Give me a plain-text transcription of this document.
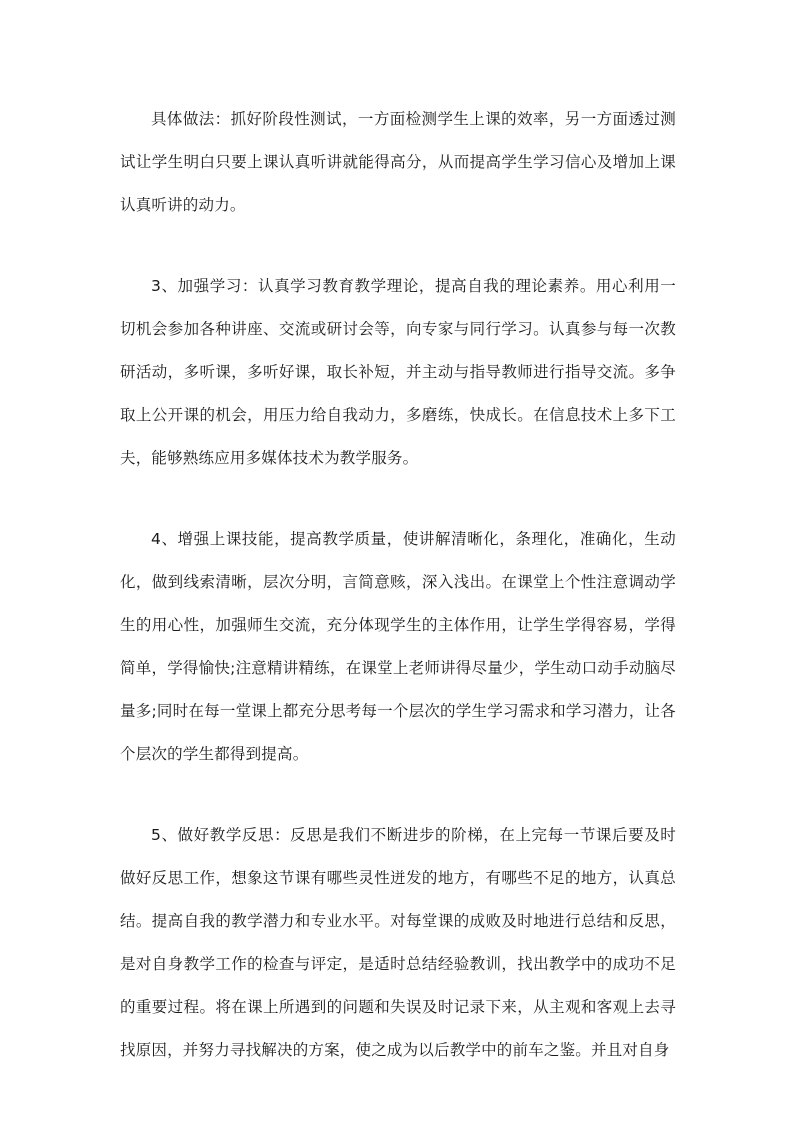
具体做法：抓好阶段性测试，一方面检测学生上课的效率，另一方面透过测试让学生明白只要上课认真听讲就能得高分，从而提高学生学习信心及增加上课认真听讲的动力。

3、加强学习：认真学习教育教学理论，提高自我的理论素养。用心利用一切机会参加各种讲座、交流或研讨会等，向专家与同行学习。认真参与每一次教研活动，多听课，多听好课，取长补短，并主动与指导教师进行指导交流。多争取上公开课的机会，用压力给自我动力，多磨练，快成长。在信息技术上多下工夫，能够熟练应用多媒体技术为教学服务。

4、增强上课技能，提高教学质量，使讲解清晰化，条理化，准确化，生动化，做到线索清晰，层次分明，言简意赅，深入浅出。在课堂上个性注意调动学生的用心性，加强师生交流，充分体现学生的主体作用，让学生学得容易，学得简单，学得愉快;注意精讲精练，在课堂上老师讲得尽量少，学生动口动手动脑尽量多;同时在每一堂课上都充分思考每一个层次的学生学习需求和学习潜力，让各个层次的学生都得到提高。

5、做好教学反思：反思是我们不断进步的阶梯，在上完每一节课后要及时做好反思工作，想象这节课有哪些灵性迸发的地方，有哪些不足的地方，认真总结。提高自我的教学潜力和专业水平。对每堂课的成败及时地进行总结和反思，是对自身教学工作的检查与评定，是适时总结经验教训，找出教学中的成功不足的重要过程。将在课上所遇到的问题和失误及时记录下来，从主观和客观上去寻找原因，并努力寻找解决的方案，使之成为以后教学中的前车之鉴。并且对自身
